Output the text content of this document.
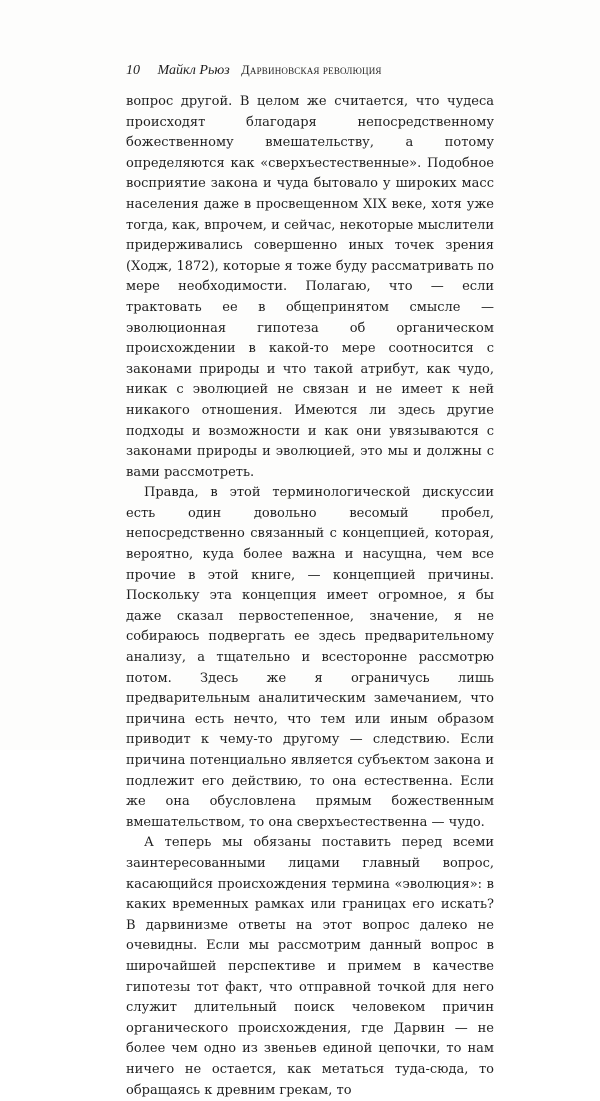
10 Майкл Рьюз Дарвиновская революция

вопрос другой. В целом же считается, что чудеса происходят благодаря непосредственному божественному вмешательству, а потому определяются как «сверхъестественные». Подобное восприятие закона и чуда бытовало у широких масс населения даже в просвещенном XIX веке, хотя уже тогда, как, впрочем, и сейчас, некоторые мыслители придерживались совершенно иных точек зрения (Ходж, 1872), которые я тоже буду рассматривать по мере необходимости. Полагаю, что — если трактовать ее в общепринятом смысле — эволюционная гипотеза об органическом происхождении в какой-то мере соотносится с законами природы и что такой атрибут, как чудо, никак с эволюцией не связан и не имеет к ней никакого отношения. Имеются ли здесь другие подходы и возможности и как они увязываются с законами природы и эволюцией, это мы и должны с вами рассмотреть.

Правда, в этой терминологической дискуссии есть один довольно весомый пробел, непосредственно связанный с концепцией, которая, вероятно, куда более важна и насущна, чем все прочие в этой книге, — концепцией причины. Поскольку эта концепция имеет огромное, я бы даже сказал первостепенное, значение, я не собираюсь подвергать ее здесь предварительному анализу, а тщательно и всесторонне рассмотрю потом. Здесь же я ограничусь лишь предварительным аналитическим замечанием, что причина есть нечто, что тем или иным образом приводит к чему-то другому — следствию. Если причина потенциально является субъектом закона и подлежит его действию, то она естественна. Если же она обусловлена прямым божественным вмешательством, то она сверхъестественна — чудо.

А теперь мы обязаны поставить перед всеми заинтересованными лицами главный вопрос, касающийся происхождения термина «эволюция»: в каких временных рамках или границах его искать? В дарвинизме ответы на этот вопрос далеко не очевидны. Если мы рассмотрим данный вопрос в широчайшей перспективе и примем в качестве гипотезы тот факт, что отправной точкой для него служит длительный поиск человеком причин органического происхождения, где Дарвин — не более чем одно из звеньев единой цепочки, то нам ничего не остается, как метаться туда-сюда, то обращаясь к древним грекам, то
